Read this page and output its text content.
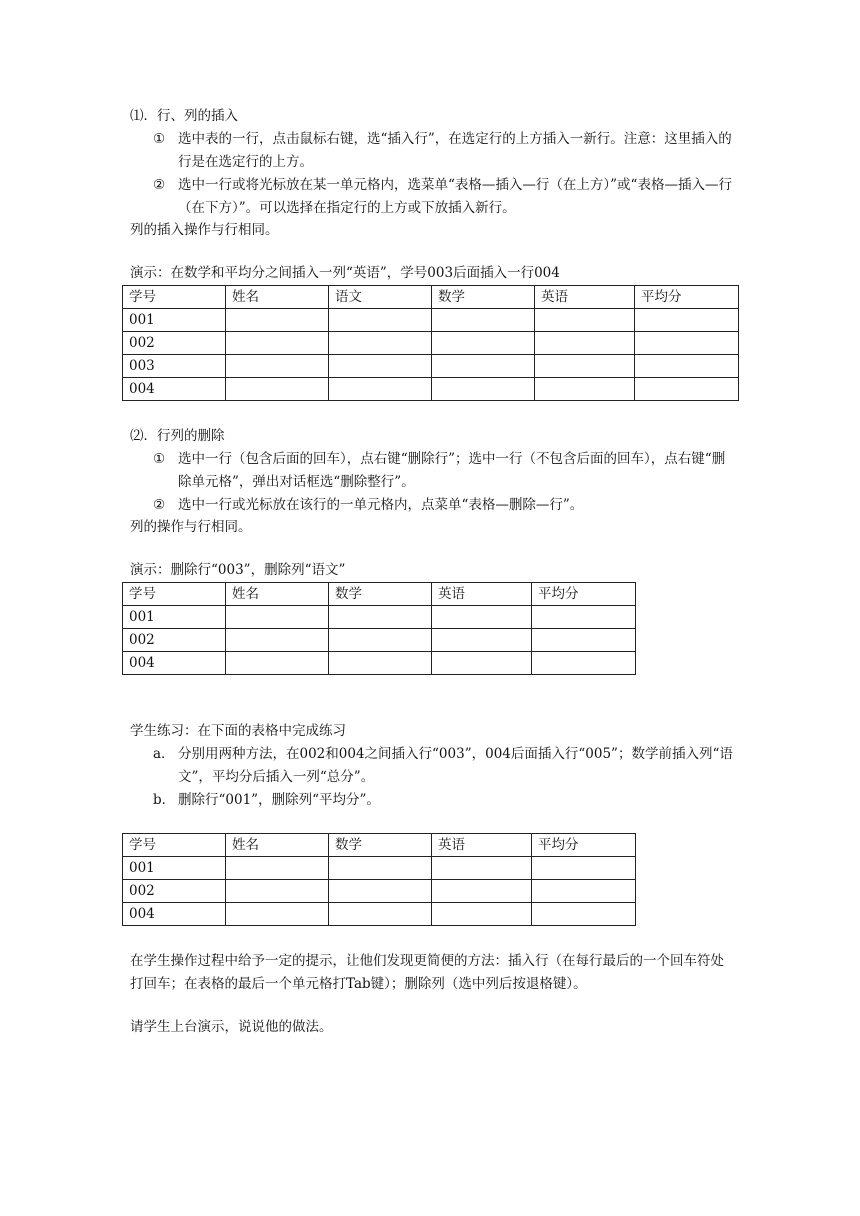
⑴．行、列的插入
① 选中表的一行，点击鼠标右键，选“插入行”，在选定行的上方插入一新行。注意：这里插入的行是在选定行的上方。
② 选中一行或将光标放在某一单元格内，选菜单“表格—插入—行（在上方）”或“表格—插入—行（在下方）”。可以选择在指定行的上方或下放插入新行。
列的插入操作与行相同。
演示：在数学和平均分之间插入一列“英语”，学号003后面插入一行004
学号	姓名	语文	数学	英语	平均分
001					
002					
003					
004					
⑵．行列的删除
① 选中一行（包含后面的回车），点右键“删除行”；选中一行（不包含后面的回车），点右键“删除单元格”，弹出对话框选“删除整行”。
② 选中一行或光标放在该行的一单元格内，点菜单“表格—删除—行”。
列的操作与行相同。
演示：删除行“003”，删除列“语文”
学号	姓名	数学	英语	平均分
001				
002				
004				
学生练习：在下面的表格中完成练习
a． 分别用两种方法，在002和004之间插入行“003”，004后面插入行“005”；数学前插入列“语文”，平均分后插入一列“总分”。
b． 删除行“001”，删除列“平均分”。
学号	姓名	数学	英语	平均分
001				
002				
004				
在学生操作过程中给予一定的提示，让他们发现更简便的方法：插入行（在每行最后的一个回车符处打回车；在表格的最后一个单元格打Tab键）；删除列（选中列后按退格键）。
请学生上台演示，说说他的做法。
